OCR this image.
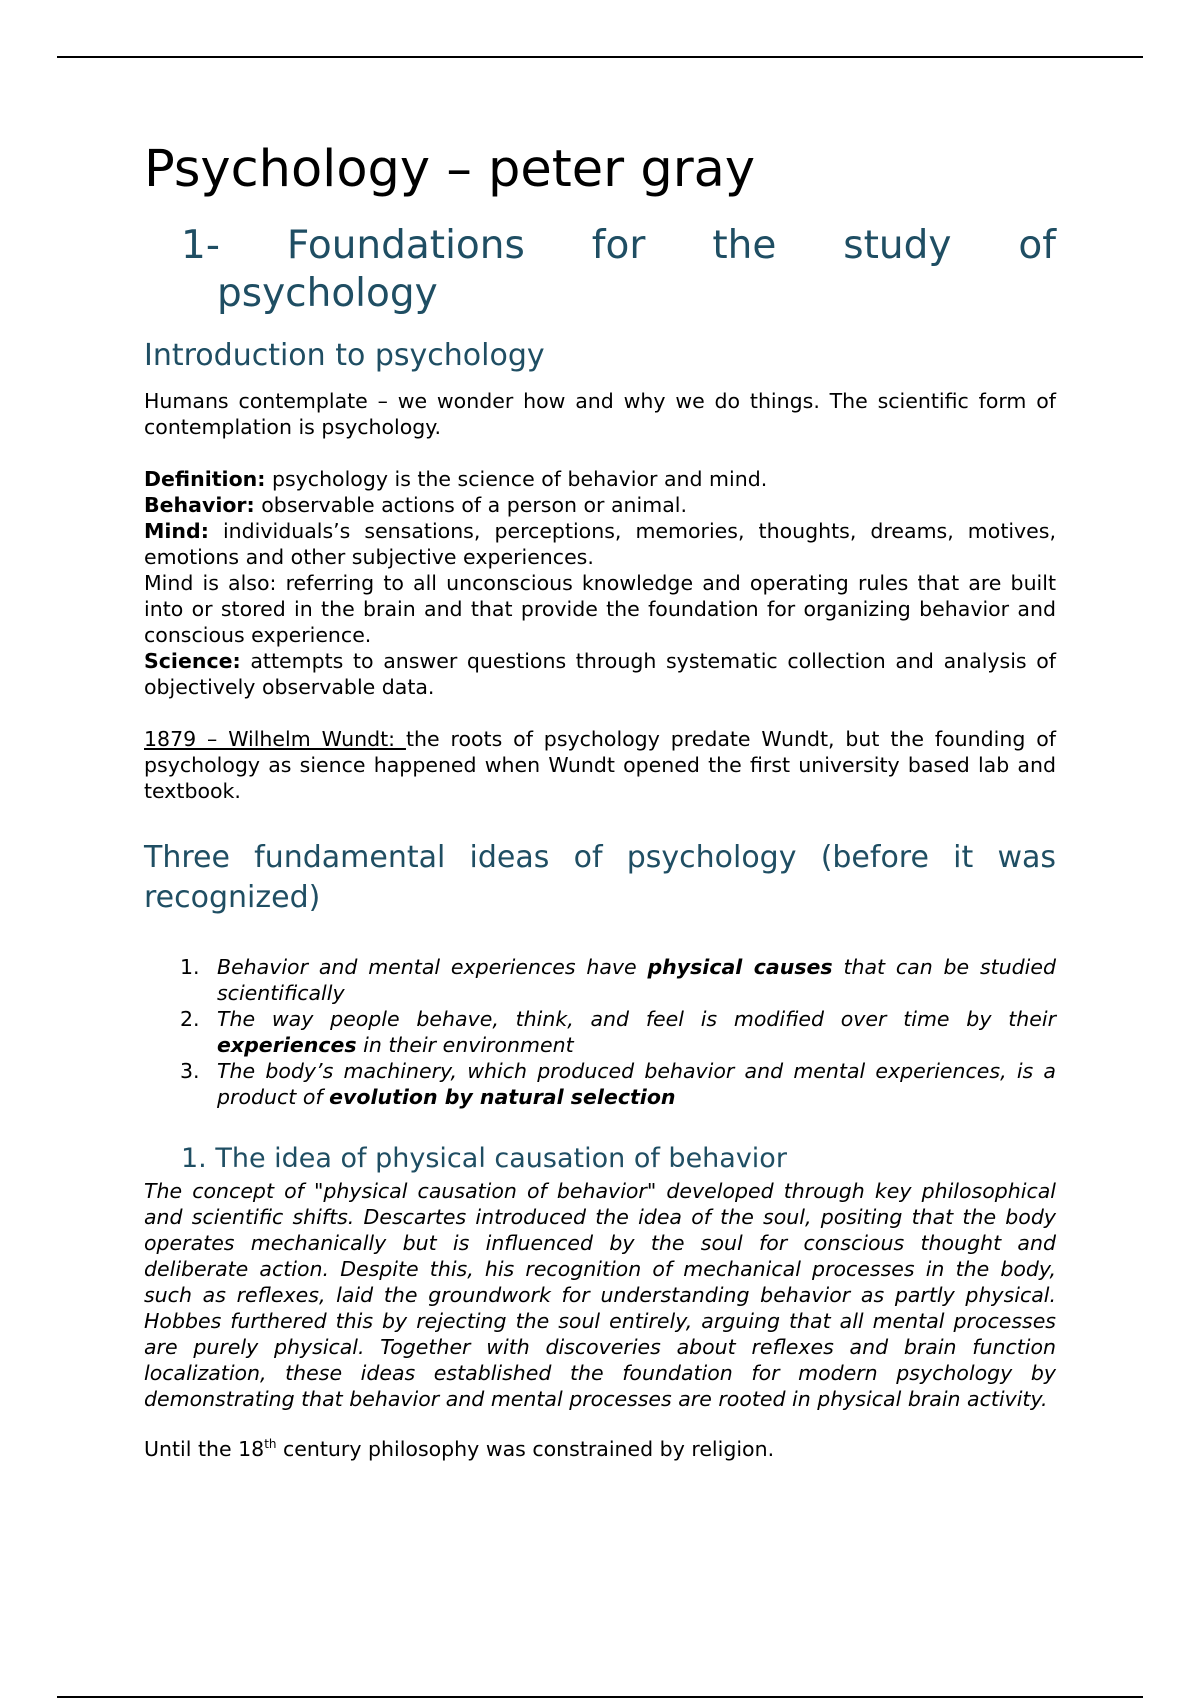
Psychology – peter gray
1- Foundations for the study of
psychology
Introduction to psychology

Humans contemplate – we wonder how and why we do things. The scientific form of contemplation is psychology.

Definition: psychology is the science of behavior and mind.

Behavior: observable actions of a person or animal.

Mind: individuals’s sensations, perceptions, memories, thoughts, dreams, motives, emotions and other subjective experiences.

Mind is also: referring to all unconscious knowledge and operating rules that are built into or stored in the brain and that provide the foundation for organizing behavior and conscious experience.

Science: attempts to answer questions through systematic collection and analysis of objectively observable data.

1879 – Wilhelm Wundt: the roots of psychology predate Wundt, but the founding of psychology as sience happened when Wundt opened the first university based lab and textbook.

Three fundamental ideas of psychology (before it was recognized)
1. Behavior and mental experiences have physical causes that can be studied scientifically
2. The way people behave, think, and feel is modified over time by their experiences in their environment
3. The body’s machinery, which produced behavior and mental experiences, is a product of evolution by natural selection
1. The idea of physical causation of behavior

The concept of "physical causation of behavior" developed through key philosophical and scientific shifts. Descartes introduced the idea of the soul, positing that the body operates mechanically but is influenced by the soul for conscious thought and deliberate action. Despite this, his recognition of mechanical processes in the body, such as reflexes, laid the groundwork for understanding behavior as partly physical. Hobbes furthered this by rejecting the soul entirely, arguing that all mental processes are purely physical. Together with discoveries about reflexes and brain function localization, these ideas established the foundation for modern psychology by demonstrating that behavior and mental processes are rooted in physical brain activity.

Until the 18th century philosophy was constrained by religion.
